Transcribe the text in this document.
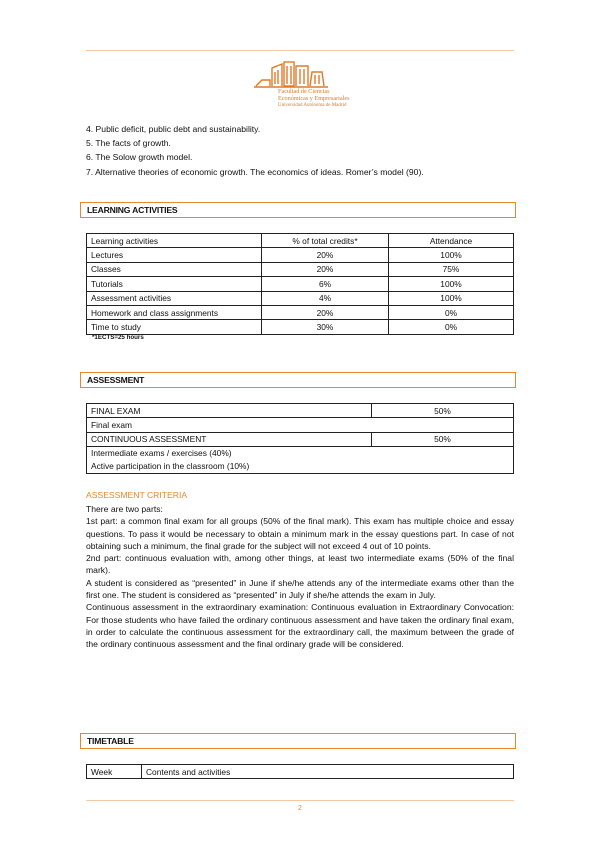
Facultad de Ciencias
Económicas y Empresariales
Universidad Autónoma de Madrid
4. Public deficit, public debt and sustainability.
5. The facts of growth.
6. The Solow growth model.
7. Alternative theories of economic growth. The economics of ideas. Romer’s model (90).
LEARNING ACTIVITIES
Learning activities	% of total credits*	Attendance
Lectures	20%	100%
Classes	20%	75%
Tutorials	6%	100%
Assessment activities	4%	100%
Homework and class assignments	20%	0%
Time to study	30%	0%
*1ECTS=25 hours
ASSESSMENT
FINAL EXAM	50%
Final exam	
CONTINUOUS ASSESSMENT	50%

Intermediate exams / exercises (40%)
Active participation in the classroom (10%)	
ASSESSMENT CRITERIA

There are two parts:

1st part: a common final exam for all groups (50% of the final mark). This exam has multiple choice and essay questions. To pass it would be necessary to obtain a minimum mark in the essay questions part. In case of not obtaining such a minimum, the final grade for the subject will not exceed 4 out of 10 points.

2nd part: continuous evaluation with, among other things, at least two intermediate exams (50% of the final mark).

A student is considered as “presented” in June if she/he attends any of the intermediate exams other than the first one. The student is considered as “presented” in July if she/he attends the exam in July.

Continuous assessment in the extraordinary examination: Continuous evaluation in Extraordinary Convocation: For those students who have failed the ordinary continuous assessment and have taken the ordinary final exam, in order to calculate the continuous assessment for the extraordinary call, the maximum between the grade of the ordinary continuous assessment and the final ordinary grade will be considered.

TIMETABLE
Week	Contents and activities
2
